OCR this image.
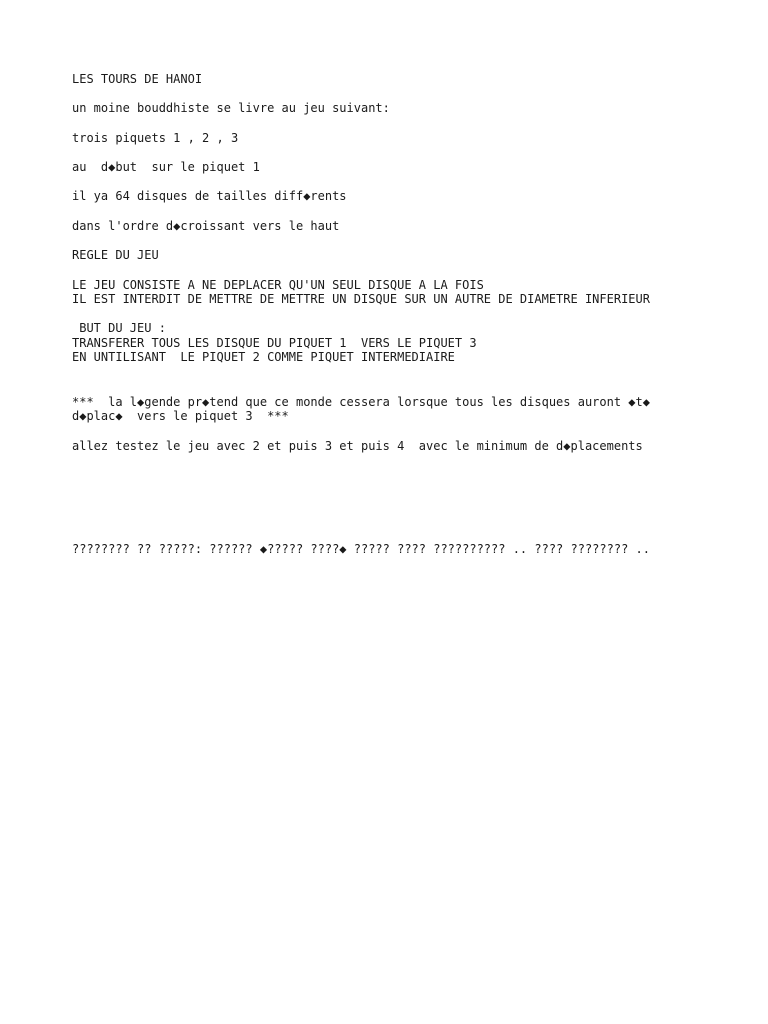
LES TOURS DE HANOI
un moine bouddhiste se livre au jeu suivant:
trois piquets 1 , 2 , 3
au  d◆but  sur le piquet 1
il ya 64 disques de tailles diff◆rents
dans l'ordre d◆croissant vers le haut
REGLE DU JEU
LE JEU CONSISTE A NE DEPLACER QU'UN SEUL DISQUE A LA FOIS
IL EST INTERDIT DE METTRE DE METTRE UN DISQUE SUR UN AUTRE DE DIAMETRE INFERIEUR
BUT DU JEU :
TRANSFERER TOUS LES DISQUE DU PIQUET 1  VERS LE PIQUET 3
EN UNTILISANT  LE PIQUET 2 COMME PIQUET INTERMEDIAIRE
***  la l◆gende pr◆tend que ce monde cessera lorsque tous les disques auront ◆t◆
d◆plac◆  vers le piquet 3  ***
allez testez le jeu avec 2 et puis 3 et puis 4  avec le minimum de d◆placements
???????? ?? ?????: ?????? ◆????? ????◆ ????? ???? ?????????? .. ???? ???????? ..
